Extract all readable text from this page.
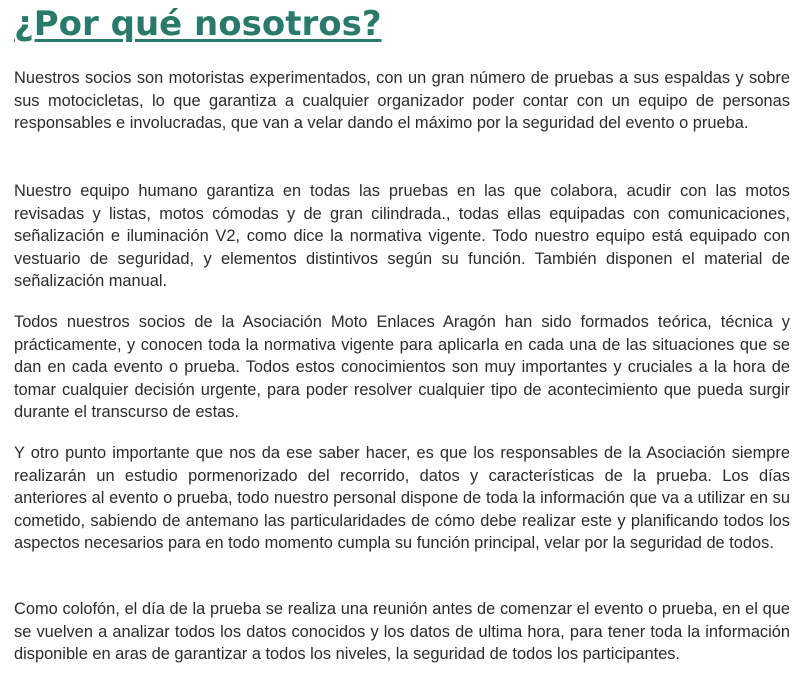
¿Por qué nosotros?

Nuestros socios son motoristas experimentados, con un gran número de pruebas a sus espaldas y sobre sus motocicletas, lo que garantiza a cualquier organizador poder contar con un equipo de personas responsables e involucradas, que van a velar dando el máximo por la seguridad del evento o prueba.

Nuestro equipo humano garantiza en todas las pruebas en las que colabora, acudir con las motos revisadas y listas, motos cómodas y de gran cilindrada., todas ellas equipadas con comunicaciones, señalización e iluminación V2, como dice la normativa vigente. Todo nuestro equipo está equipado con vestuario de seguridad, y elementos distintivos según su función. También disponen el material de señalización manual.

Todos nuestros socios de la Asociación Moto Enlaces Aragón han sido formados teórica, técnica y prácticamente, y conocen toda la normativa vigente para aplicarla en cada una de las situaciones que se dan en cada evento o prueba. Todos estos conocimientos son muy importantes y cruciales a la hora de tomar cualquier decisión urgente, para poder resolver cualquier tipo de acontecimiento que pueda surgir durante el transcurso de estas.

Y otro punto importante que nos da ese saber hacer, es que los responsables de la Asociación siempre realizarán un estudio pormenorizado del recorrido, datos y características de la prueba. Los días anteriores al evento o prueba, todo nuestro personal dispone de toda la información que va a utilizar en su cometido, sabiendo de antemano las particularidades de cómo debe realizar este y planificando todos los aspectos necesarios para en todo momento cumpla su función principal, velar por la seguridad de todos.

Como colofón, el día de la prueba se realiza una reunión antes de comenzar el evento o prueba, en el que se vuelven a analizar todos los datos conocidos y los datos de ultima hora, para tener toda la información disponible en aras de garantizar a todos los niveles, la seguridad de todos los participantes.
